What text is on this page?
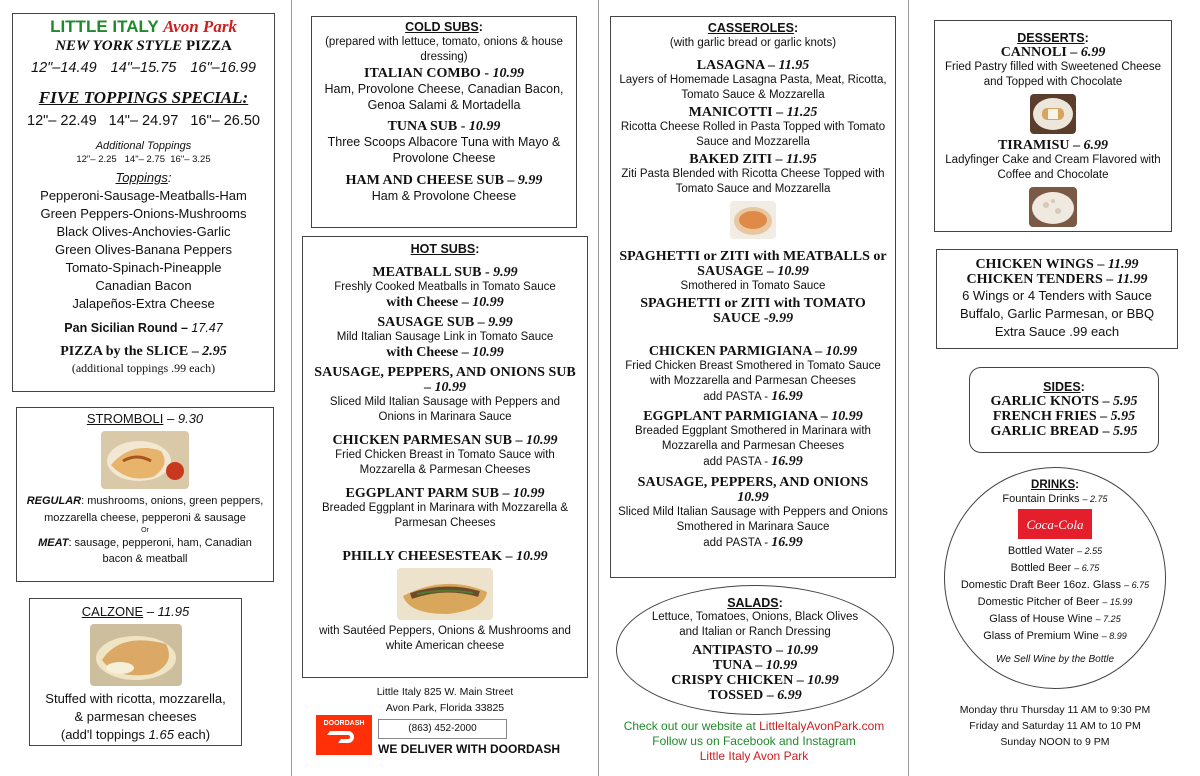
LITTLE ITALY Avon Park
NEW YORK STYLE PIZZA
12"–14.49 14"–15.75 16"–16.99
FIVE TOPPINGS SPECIAL:
12"– 22.49 14"– 24.97 16"– 26.50
Additional Toppings
12"– 2.25   14"– 2.75  16"– 3.25
Toppings:
Pepperoni-Sausage-Meatballs-Ham
Green Peppers-Onions-Mushrooms
Black Olives-Anchovies-Garlic
Green Olives-Banana Peppers
Tomato-Spinach-Pineapple
Canadian Bacon
Jalapeños-Extra Cheese
Pan Sicilian Round – 17.47
PIZZA by the SLICE – 2.95
(additional toppings .99 each)
STROMBOLI – 9.30
REGULAR: mushrooms, onions, green peppers, mozzarella cheese, pepperoni & sausage
Or
MEAT: sausage, pepperoni, ham, Canadian bacon & meatball
CALZONE – 11.95
Stuffed with ricotta, mozzarella,
& parmesan cheeses
(add'l toppings 1.65 each)
COLD SUBS:
(prepared with lettuce, tomato, onions & house dressing)
ITALIAN COMBO - 10.99
Ham, Provolone Cheese, Canadian Bacon, Genoa Salami & Mortadella
TUNA SUB - 10.99
Three Scoops Albacore Tuna with Mayo & Provolone Cheese
HAM AND CHEESE SUB – 9.99
Ham & Provolone Cheese
HOT SUBS:
MEATBALL SUB - 9.99
Freshly Cooked Meatballs in Tomato Sauce
with Cheese – 10.99
SAUSAGE SUB – 9.99
Mild Italian Sausage Link in Tomato Sauce
with Cheese – 10.99
SAUSAGE, PEPPERS, AND ONIONS SUB – 10.99
Sliced Mild Italian Sausage with Peppers and Onions in Marinara Sauce
CHICKEN PARMESAN SUB – 10.99
Fried Chicken Breast in Tomato Sauce with Mozzarella & Parmesan Cheeses
EGGPLANT PARM SUB – 10.99
Breaded Eggplant in Marinara with Mozzarella & Parmesan Cheeses
PHILLY CHEESESTEAK – 10.99
with Sautéed Peppers, Onions & Mushrooms and white American cheese
Little Italy 825 W. Main Street
Avon Park, Florida 33825
DOORDASH	(863) 452-2000
WE DELIVER WITH DOORDASH
CASSEROLES:
(with garlic bread or garlic knots)
LASAGNA – 11.95
Layers of Homemade Lasagna Pasta, Meat, Ricotta, Tomato Sauce & Mozzarella
MANICOTTI – 11.25
Ricotta Cheese Rolled in Pasta Topped with Tomato Sauce and Mozzarella
BAKED ZITI – 11.95
Ziti Pasta Blended with Ricotta Cheese Topped with Tomato Sauce and Mozzarella
SPAGHETTI or ZITI with MEATBALLS or SAUSAGE – 10.99
Smothered in Tomato Sauce
SPAGHETTI or ZITI with TOMATO SAUCE -9.99
CHICKEN PARMIGIANA – 10.99
Fried Chicken Breast Smothered in Tomato Sauce with Mozzarella and Parmesan Cheeses
add PASTA - 16.99
EGGPLANT PARMIGIANA – 10.99
Breaded Eggplant Smothered in Marinara with Mozzarella and Parmesan Cheeses
add PASTA - 16.99
SAUSAGE, PEPPERS, AND ONIONS
10.99
Sliced Mild Italian Sausage with Peppers and Onions Smothered in Marinara Sauce
add PASTA - 16.99
SALADS:
Lettuce, Tomatoes, Onions, Black Olives and Italian or Ranch Dressing
ANTIPASTO – 10.99
TUNA – 10.99
CRISPY CHICKEN – 10.99
TOSSED – 6.99
Check out our website at LittleItalyAvonPark.com
Follow us on Facebook and Instagram
Little Italy Avon Park
DESSERTS:
CANNOLI – 6.99
Fried Pastry filled with Sweetened Cheese and Topped with Chocolate
TIRAMISU – 6.99
Ladyfinger Cake and Cream Flavored with Coffee and Chocolate
CHICKEN WINGS – 11.99
CHICKEN TENDERS – 11.99
6 Wings or 4 Tenders with Sauce
Buffalo, Garlic Parmesan, or BBQ
Extra Sauce .99 each
SIDES:
GARLIC KNOTS – 5.95
FRENCH FRIES – 5.95
GARLIC BREAD – 5.95
DRINKS:
Fountain Drinks – 2.75
Coca-Cola
Bottled Water – 2.55
Bottled Beer – 6.75
Domestic Draft Beer 16oz. Glass – 6.75
Domestic Pitcher of Beer – 15.99
Glass of House Wine – 7.25
Glass of Premium Wine – 8.99
We Sell Wine by the Bottle
Monday thru Thursday 11 AM to 9:30 PM
Friday and Saturday 11 AM to 10 PM
Sunday NOON to 9 PM
